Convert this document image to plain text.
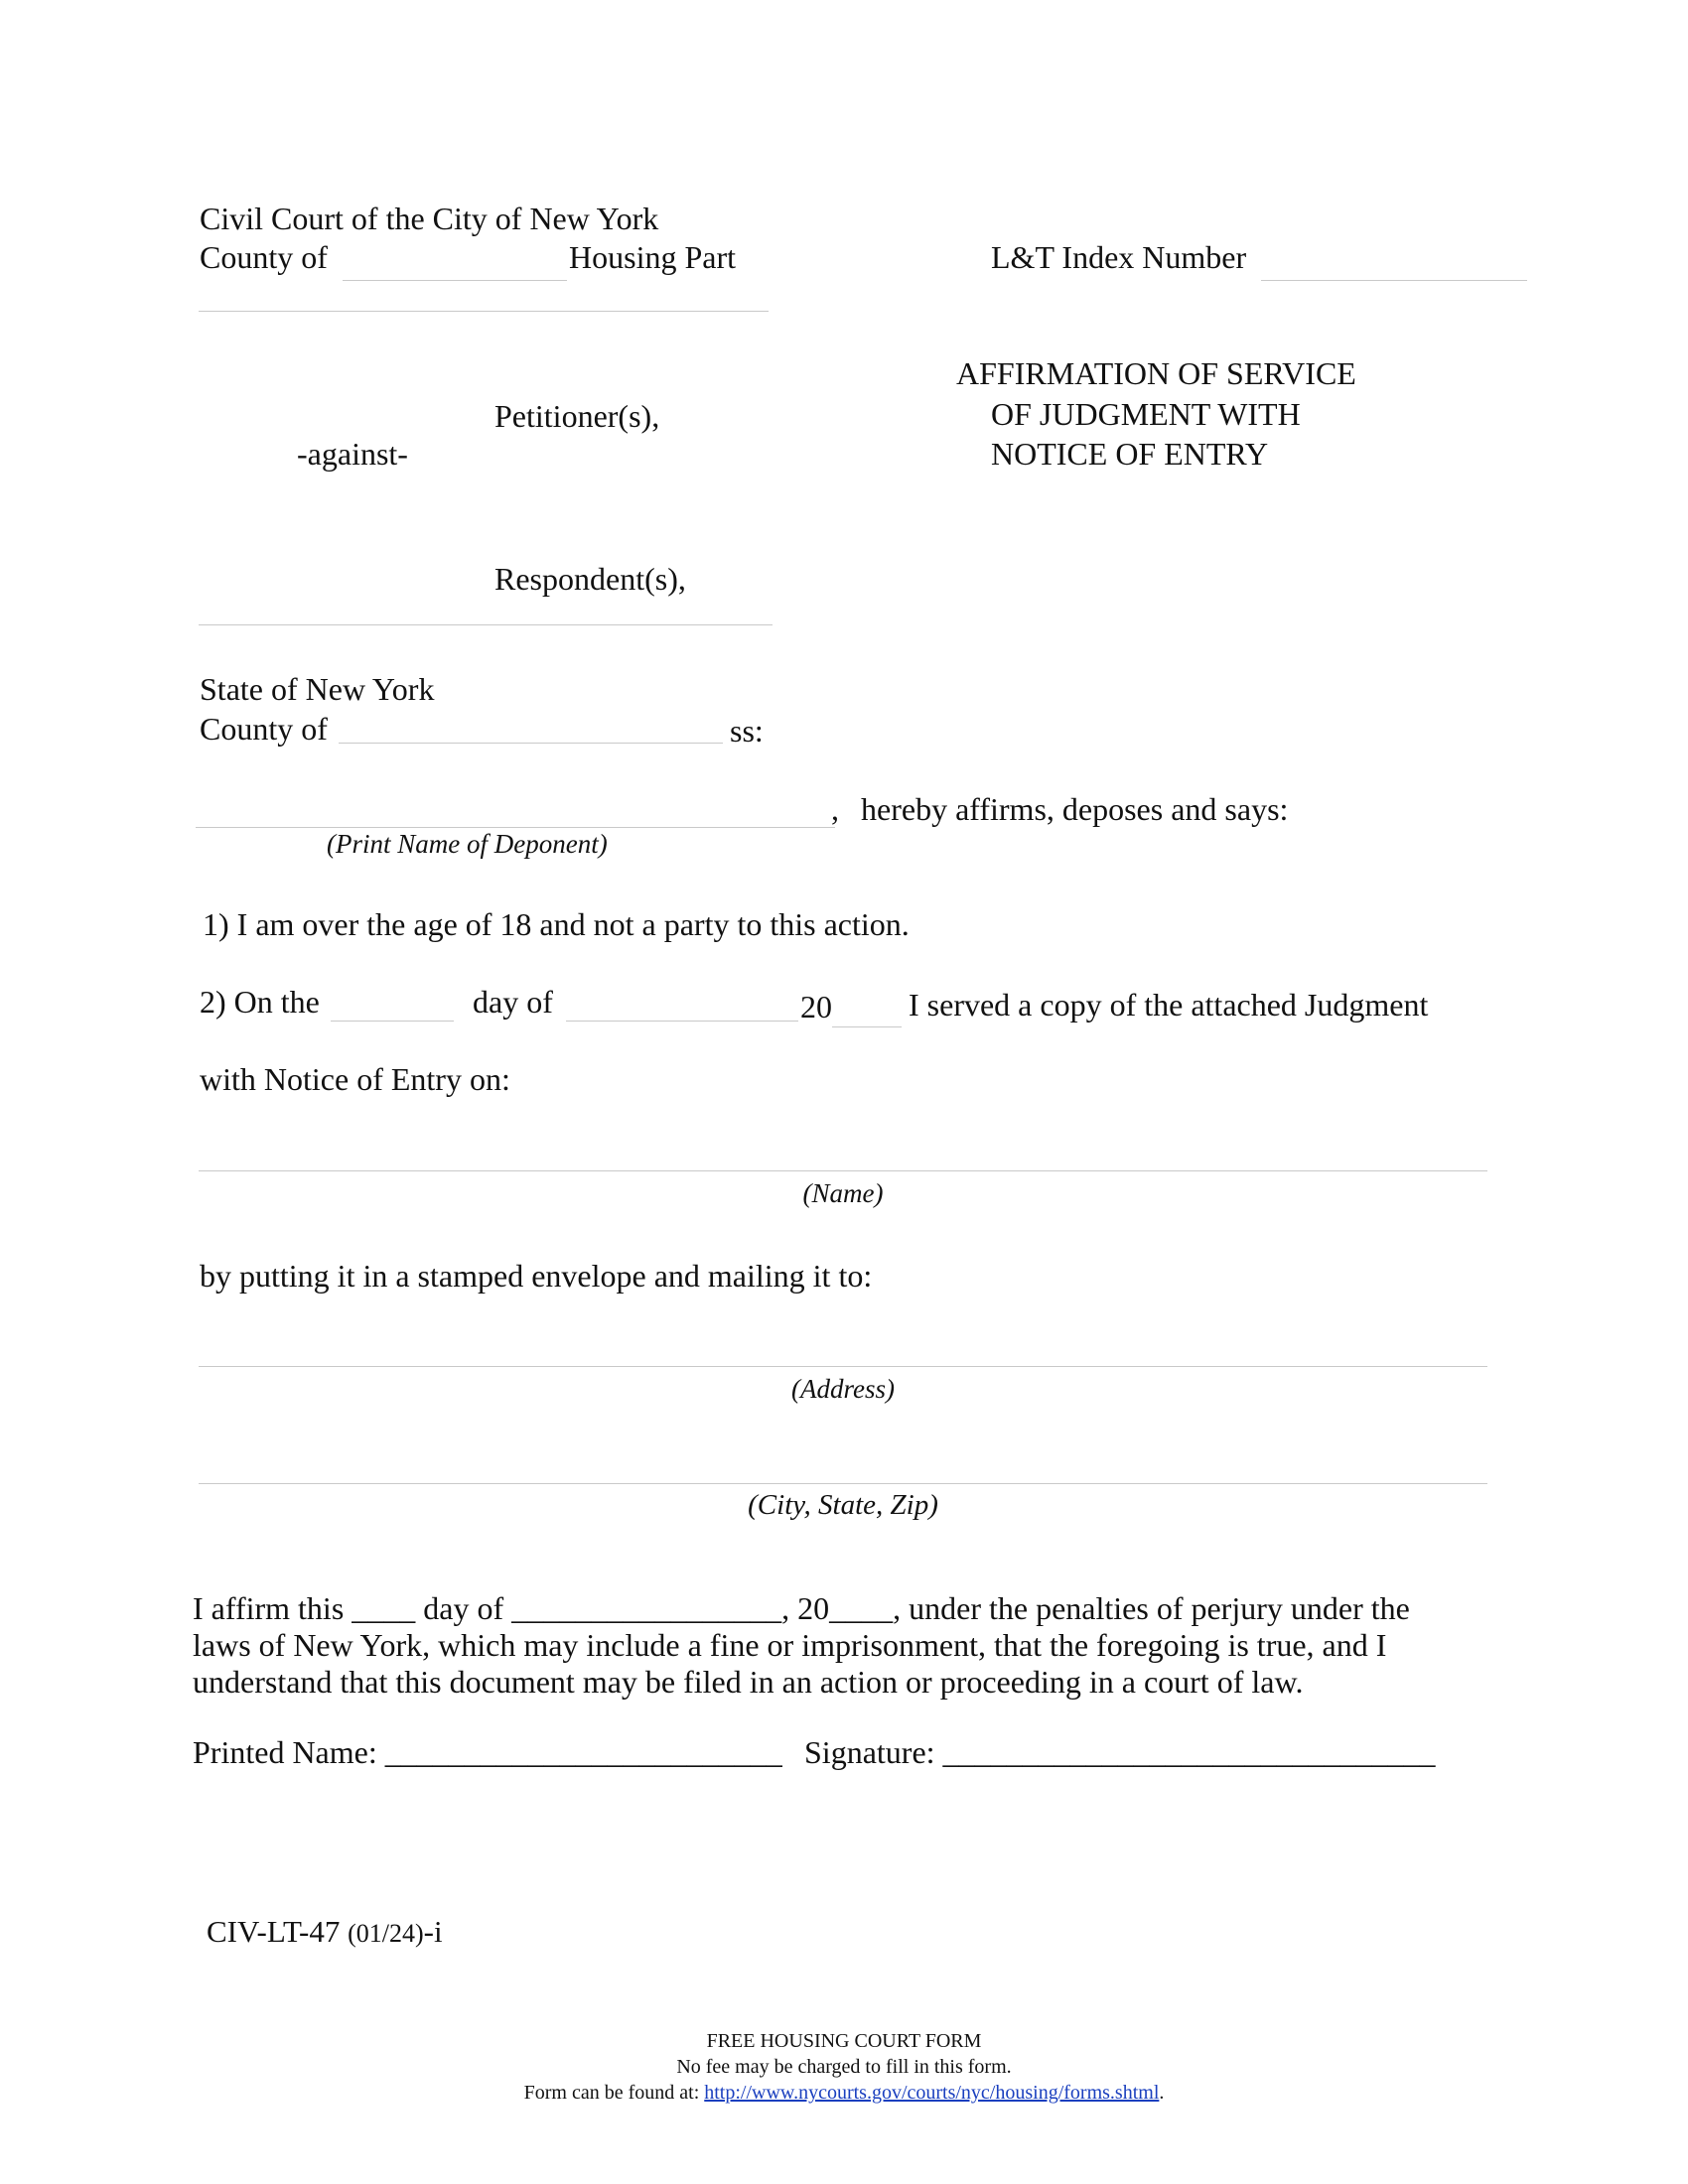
Civil Court of the City of New York
County of	Housing Part	L&T Index Number
AFFIRMATION OF SERVICE
OF JUDGMENT WITH
NOTICE OF ENTRY
Petitioner(s),
-against-
Respondent(s),
State of New York
County of	ss:
, hereby affirms, deposes and says:
(Print Name of Deponent)
1) I am over the age of 18 and not a party to this action.
2) On the	day of	20 I served a copy of the attached Judgment
with Notice of Entry on:
(Name)
by putting it in a stamped envelope and mailing it to:
(Address)
(City, State, Zip)
I affirm this ____ day of _________________, 20____, under the penalties of perjury under the
laws of New York, which may include a fine or imprisonment, that the foregoing is true, and I
understand that this document may be filed in an action or proceeding in a court of law.
Printed Name: _________________________ Signature: _______________________________
CIV-LT-47 (01/24)-i
FREE HOUSING COURT FORM
No fee may be charged to fill in this form.
Form can be found at: http://www.nycourts.gov/courts/nyc/housing/forms.shtml.
